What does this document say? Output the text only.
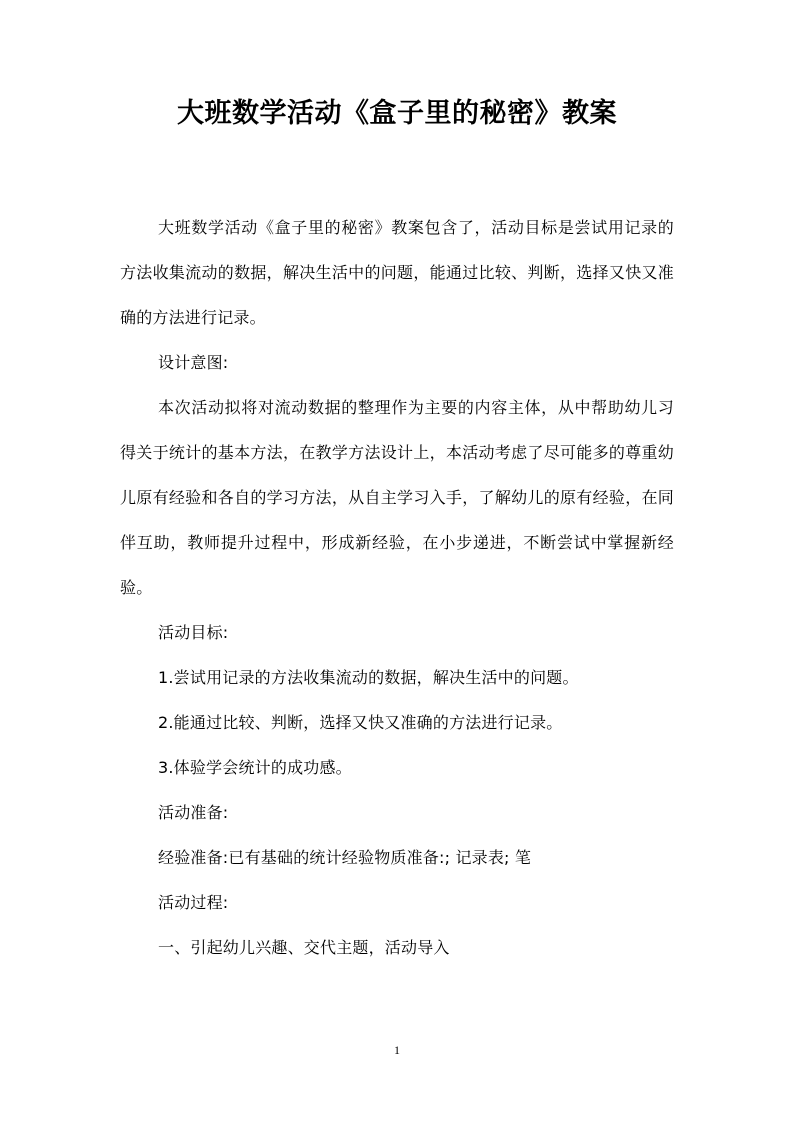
大班数学活动《盒子里的秘密》教案

大班数学活动《盒子里的秘密》教案包含了，活动目标是尝试用记录的方法收集流动的数据，解决生活中的问题，能通过比较、判断，选择又快又准确的方法进行记录。

设计意图:

本次活动拟将对流动数据的整理作为主要的内容主体，从中帮助幼儿习得关于统计的基本方法，在教学方法设计上，本活动考虑了尽可能多的尊重幼儿原有经验和各自的学习方法，从自主学习入手，了解幼儿的原有经验，在同伴互助，教师提升过程中，形成新经验，在小步递进，不断尝试中掌握新经验。

活动目标:

1.尝试用记录的方法收集流动的数据，解决生活中的问题。

2.能通过比较、判断，选择又快又准确的方法进行记录。

3.体验学会统计的成功感。

活动准备:

经验准备:已有基础的统计经验物质准备:; 记录表; 笔

活动过程:

一、引起幼儿兴趣、交代主题，活动导入

1
